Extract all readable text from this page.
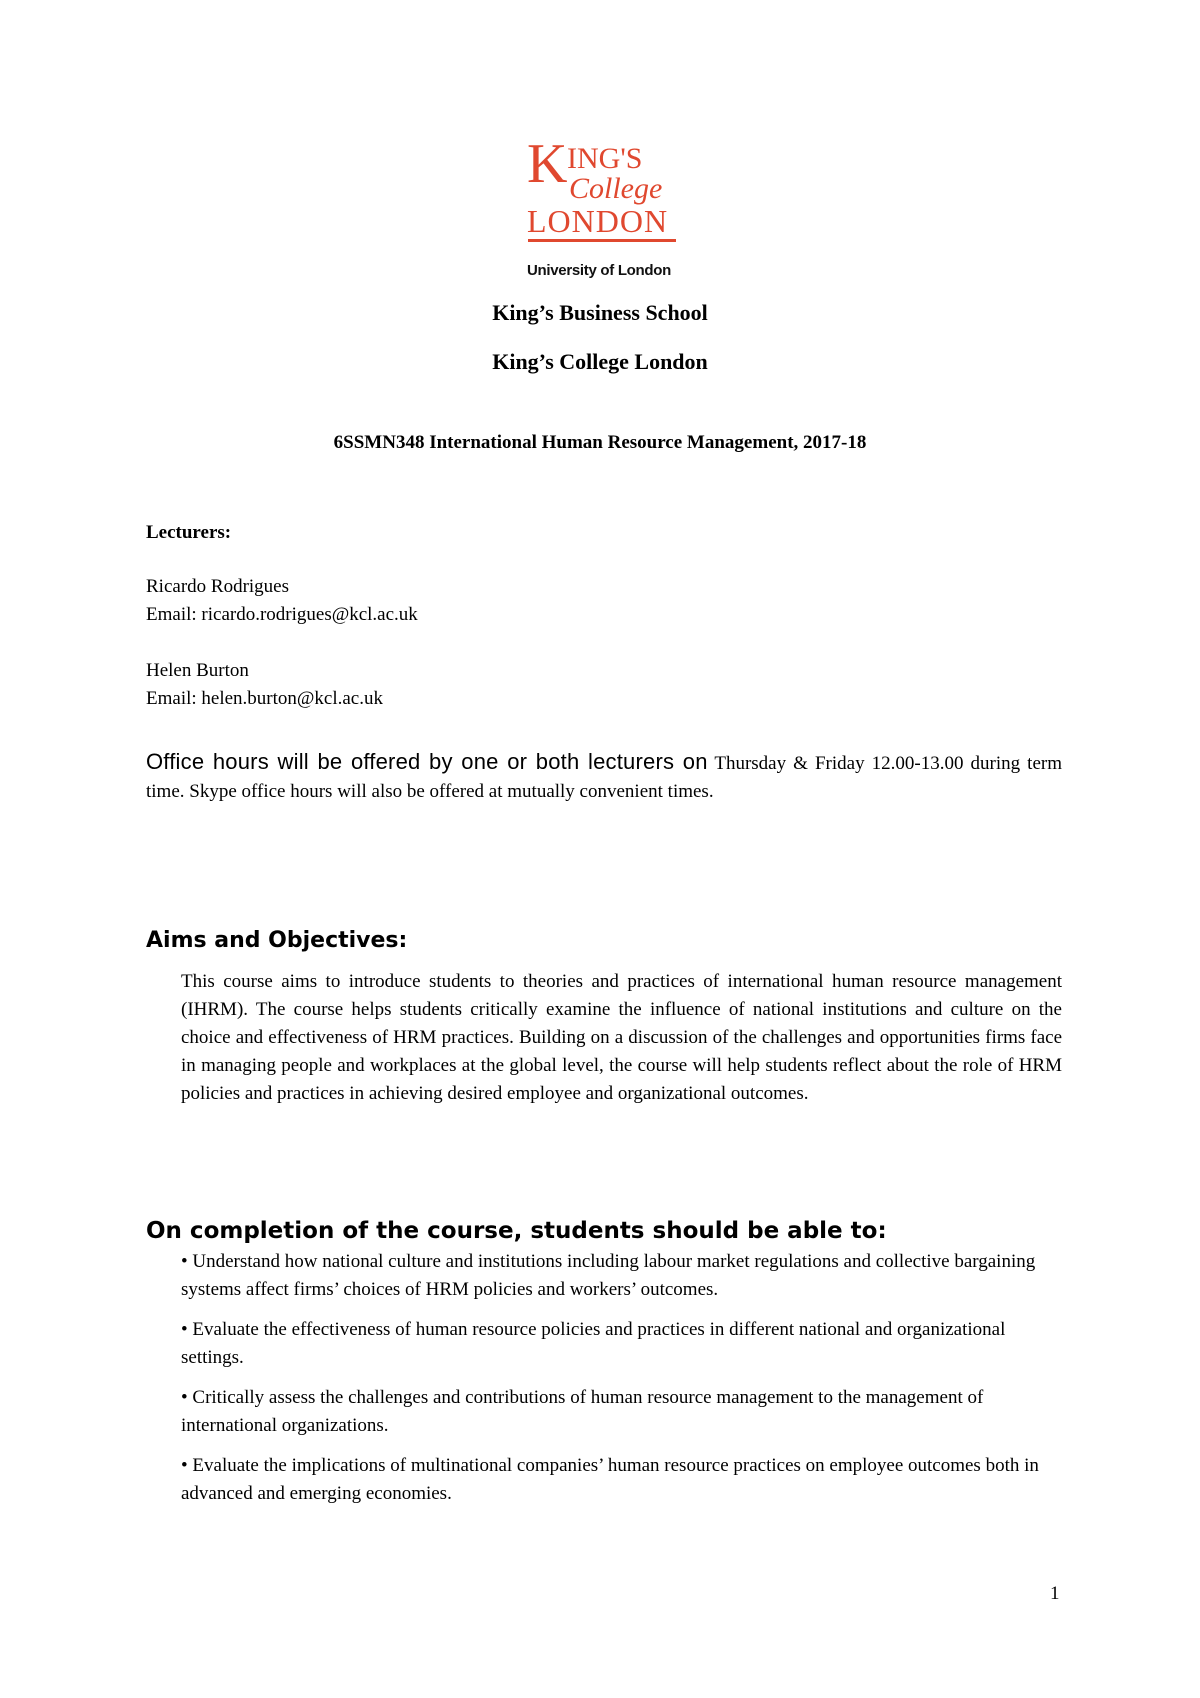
K ING'S
College
LONDON
University of London
King’s Business School
King’s College London
6SSMN348 International Human Resource Management, 2017-18
Lecturers:
Ricardo Rodrigues
Email: ricardo.rodrigues@kcl.ac.uk
Helen Burton
Email: helen.burton@kcl.ac.uk
Office hours will be offered by one or both lecturers on Thursday & Friday 12.00-13.00 during term time. Skype office hours will also be offered at mutually convenient times.
Aims and Objectives:
This course aims to introduce students to theories and practices of international human resource management (IHRM). The course helps students critically examine the influence of national institutions and culture on the choice and effectiveness of HRM practices. Building on a discussion of the challenges and opportunities firms face in managing people and workplaces at the global level, the course will help students reflect about the role of HRM policies and practices in achieving desired employee and organizational outcomes.
On completion of the course, students should be able to:
• Understand how national culture and institutions including labour market regulations and collective bargaining systems affect firms’ choices of HRM policies and workers’ outcomes.
• Evaluate the effectiveness of human resource policies and practices in different national and organizational settings.
• Critically assess the challenges and contributions of human resource management to the management of international organizations.
• Evaluate the implications of multinational companies’ human resource practices on employee outcomes both in advanced and emerging economies.
1
